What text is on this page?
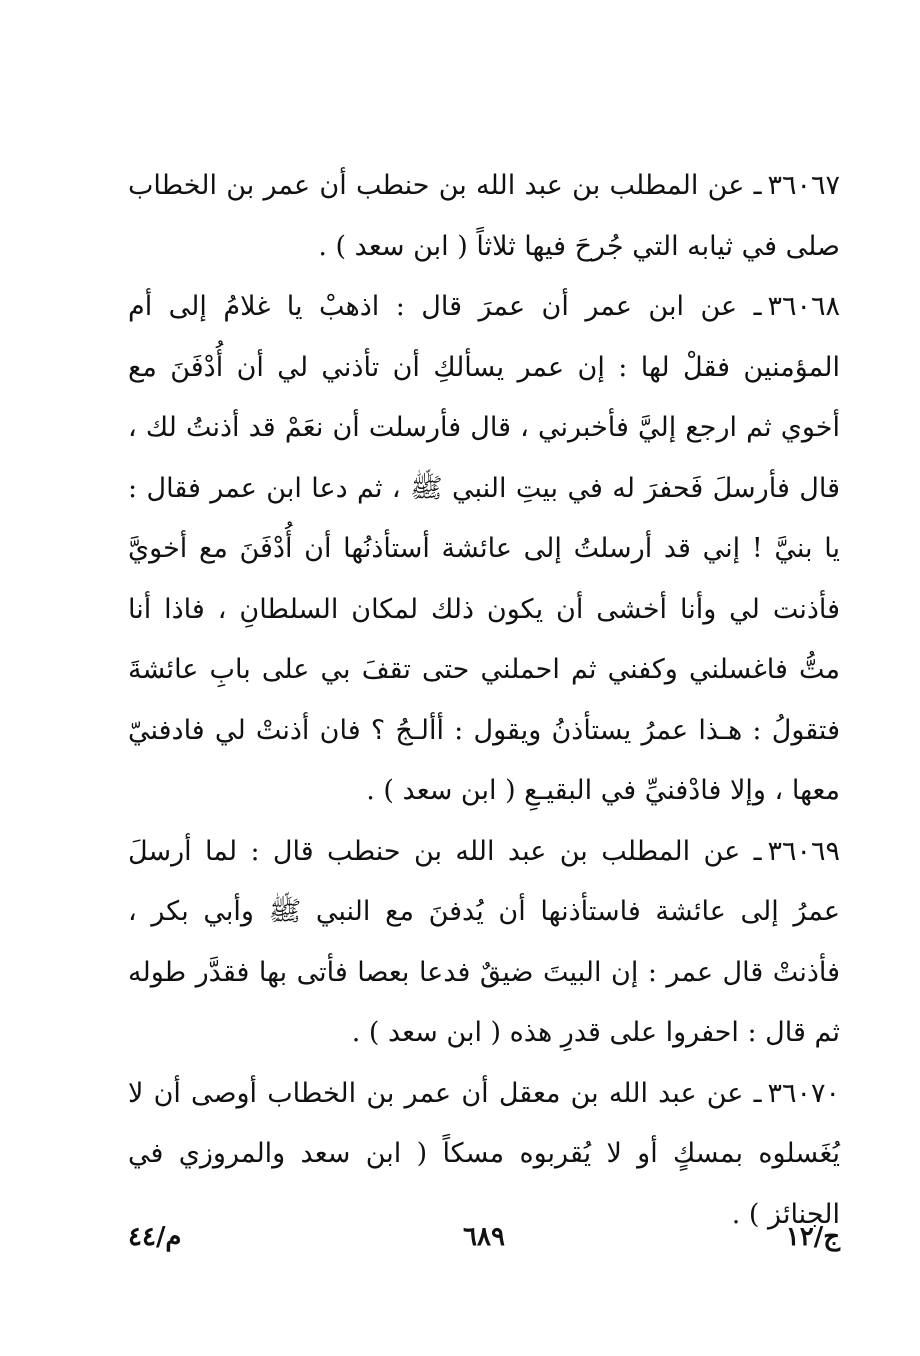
٣٦٠٦٧ـ عن المطلب بن عبد الله بن حنطب أن عمر بن الخطاب صلى في ثيابه التي جُرحَ فيها ثلاثاً ( ابن سعد ) .

٣٦٠٦٨ـ عن ابن عمر أن عمرَ قال : اذهبْ يا غلامُ إلى أم المؤمنين فقلْ لها : إن عمر يسألكِ أن تأذني لي أن أُدْفَنَ مع أخوي ثم ارجع إليَّ فأخبرني ، قال فأرسلت أن نعَمْ قد أذنتُ لك ، قال فأرسلَ فَحفرَ له في بيتِ النبي ﷺ ، ثم دعا ابن عمر فقال : يا بنيَّ ! إني قد أرسلتُ إلى عائشة أستأذنُها أن أُدْفَنَ مع أخويَّ فأذنت لي وأنا أخشى أن يكون ذلك لمكان السلطانِ ، فاذا أنا متُّ فاغسلني وكفني ثم احملني حتى تقفَ بي على بابِ عائشةَ فتقولُ : هـذا عمرُ يستأذنُ ويقول : أألـجُ ؟ فان أذنتْ لي فادفنيّ معها ، وإلا فادْفنيِّ في البقيـعِ ( ابن سعد ) .

٣٦٠٦٩ـ عن المطلب بن عبد الله بن حنطب قال : لما أرسلَ عمرُ إلى عائشة فاستأذنها أن يُدفنَ مع النبي ﷺ وأبي بكر ، فأذنتْ قال عمر : إن البيتَ ضيقٌ فدعا بعصا فأتى بها فقدَّر طوله ثم قال : احفروا على قدرِ هذه ( ابن سعد ) .

٣٦٠٧٠ـ عن عبد الله بن معقل أن عمر بن الخطاب أوصى أن لا يُغَسلوه بمسكٍ أو لا يُقربوه مسكاً ( ابن سعد والمروزي في الجنائز ) .

ج/١٢
٦٨٩
م/٤٤
